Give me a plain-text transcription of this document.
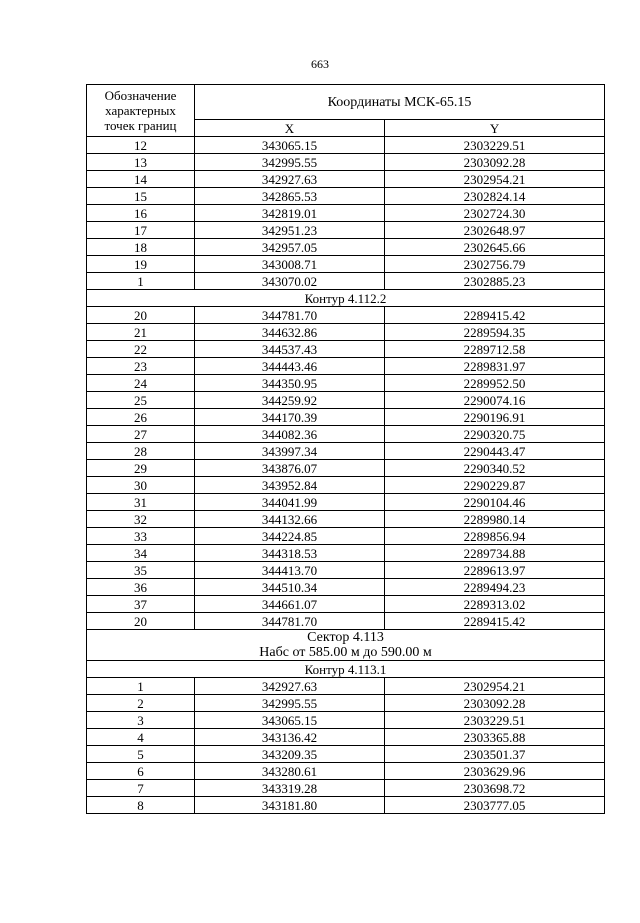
663
Обозначение
характерных
точек границ	Координаты МСК-65.15	
	X	Y
12	343065.15	2303229.51
13	342995.55	2303092.28
14	342927.63	2302954.21
15	342865.53	2302824.14
16	342819.01	2302724.30
17	342951.23	2302648.97
18	342957.05	2302645.66
19	343008.71	2302756.79
1	343070.02	2302885.23
Контур 4.112.2		
20	344781.70	2289415.42
21	344632.86	2289594.35
22	344537.43	2289712.58
23	344443.46	2289831.97
24	344350.95	2289952.50
25	344259.92	2290074.16
26	344170.39	2290196.91
27	344082.36	2290320.75
28	343997.34	2290443.47
29	343876.07	2290340.52
30	343952.84	2290229.87
31	344041.99	2290104.46
32	344132.66	2289980.14
33	344224.85	2289856.94
34	344318.53	2289734.88
35	344413.70	2289613.97
36	344510.34	2289494.23
37	344661.07	2289313.02
20	344781.70	2289415.42

Сектор 4.113
Набс от 585.00 м до 590.00 м		

Контур 4.113.1		
1	342927.63	2302954.21
2	342995.55	2303092.28
3	343065.15	2303229.51
4	343136.42	2303365.88
5	343209.35	2303501.37
6	343280.61	2303629.96
7	343319.28	2303698.72
8	343181.80	2303777.05
